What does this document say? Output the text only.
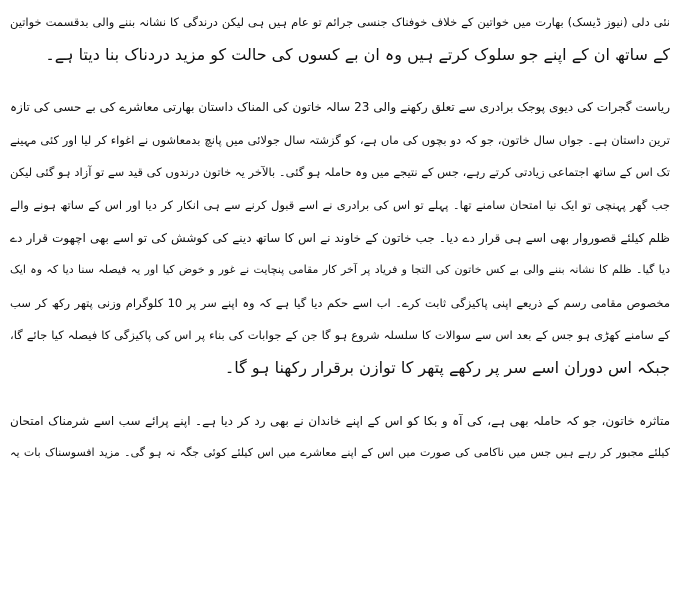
نئی دلی (نیوز ڈیسک) بھارت میں خواتین کے خلاف خوفناک جنسی جرائم تو عام ہیں ہی لیکن درندگی کا نشانہ بننے والی بدقسمت خواتین
کے ساتھ ان کے اپنے جو سلوک کرتے ہیں وہ ان بے کسوں کی حالت کو مزید دردناک بنا دیتا ہے۔
ریاست گجرات کی دیوی پوجک برادری سے تعلق رکھنے والی 23 سالہ خاتون کی المناک داستان بھارتی معاشرے کی بے حسی کی تازہ
ترین داستان ہے۔ جواں سال خاتون، جو کہ دو بچوں کی ماں ہے، کو گزشتہ سال جولائی میں پانچ بدمعاشوں نے اغواء کر لیا اور کئی مہینے
تک اس کے ساتھ اجتماعی زیادتی کرتے رہے، جس کے نتیجے میں وہ حاملہ ہو گئی۔ بالآخر یہ خاتون درندوں کی قید سے تو آزاد ہو گئی لیکن
جب گھر پہنچی تو ایک نیا امتحان سامنے تھا۔ پہلے تو اس کی برادری نے اسے قبول کرنے سے ہی انکار کر دیا اور اس کے ساتھ ہونے والے
ظلم کیلئے قصوروار بھی اسے ہی قرار دے دیا۔ جب خاتون کے خاوند نے اس کا ساتھ دینے کی کوشش کی تو اسے بھی اچھوت قرار دے
دیا گیا۔ ظلم کا نشانہ بننے والی بے کس خاتون کی التجا و فریاد پر آخر کار مقامی پنچایت نے غور و خوض کیا اور یہ فیصلہ سنا دیا کہ وہ ایک
مخصوص مقامی رسم کے ذریعے اپنی پاکیزگی ثابت کرے۔ اب اسے حکم دیا گیا ہے کہ وہ اپنے سر پر 10 کلوگرام وزنی پتھر رکھ کر سب
کے سامنے کھڑی ہو جس کے بعد اس سے سوالات کا سلسلہ شروع ہو گا جن کے جوابات کی بناء پر اس کی پاکیزگی کا فیصلہ کیا جائے گا،
جبکہ اس دوران اسے سر پر رکھے پتھر کا توازن برقرار رکھنا ہو گا۔
متاثرہ خاتون، جو کہ حاملہ بھی ہے، کی آہ و بکا کو اس کے اپنے خاندان نے بھی رد کر دیا ہے۔ اپنے پرائے سب اسے شرمناک امتحان
کیلئے مجبور کر رہے ہیں جس میں ناکامی کی صورت میں اس کے اپنے معاشرے میں اس کیلئے کوئی جگہ نہ ہو گی۔ مزید افسوسناک بات یہ
